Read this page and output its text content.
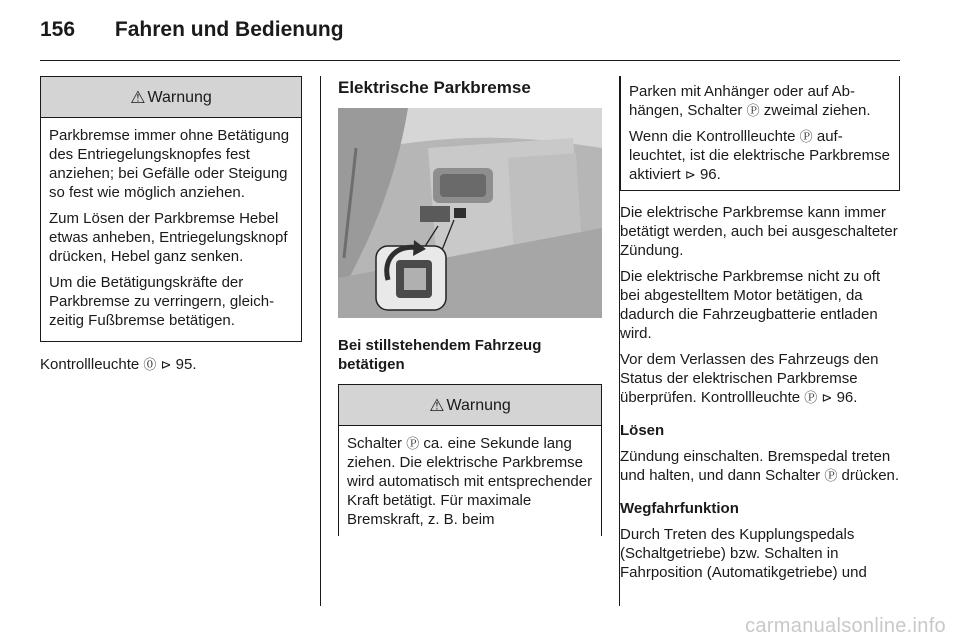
156 Fahren und Bedienung
⚠ Warnung

Parkbremse immer ohne Betätigung des Entriegelungsknopfes fest anziehen; bei Gefälle oder Steigung so fest wie möglich anziehen.

Zum Lösen der Parkbremse Hebel etwas anheben, Entriegelungsknopf drücken, Hebel ganz senken.

Um die Betätigungskräfte der Parkbremse zu verringern, gleichzeitig Fußbremse betätigen.

Kontrollleuchte ⓪ ⊳ 95.

Elektrische Parkbremse

Bei stillstehendem Fahrzeug betätigen

⚠ Warnung

Schalter Ⓟ ca. eine Sekunde lang ziehen. Die elektrische Parkbremse wird automatisch mit entsprechender Kraft betätigt. Für maximale Bremskraft, z. B. beim

Parken mit Anhänger oder auf Abhängen, Schalter Ⓟ zweimal ziehen.

Wenn die Kontrollleuchte Ⓟ aufleuchtet, ist die elektrische Parkbremse aktiviert ⊳ 96.

Die elektrische Parkbremse kann immer betätigt werden, auch bei ausgeschalteter Zündung.

Die elektrische Parkbremse nicht zu oft bei abgestelltem Motor betätigen, da dadurch die Fahrzeugbatterie entladen wird.

Vor dem Verlassen des Fahrzeugs den Status der elektrischen Parkbremse überprüfen. Kontrollleuchte Ⓟ ⊳ 96.

Lösen

Zündung einschalten. Bremspedal treten und halten, und dann Schalter Ⓟ drücken.

Wegfahrfunktion

Durch Treten des Kupplungspedals (Schaltgetriebe) bzw. Schalten in Fahrposition (Automatikgetriebe) und

carmanualsonline.info
